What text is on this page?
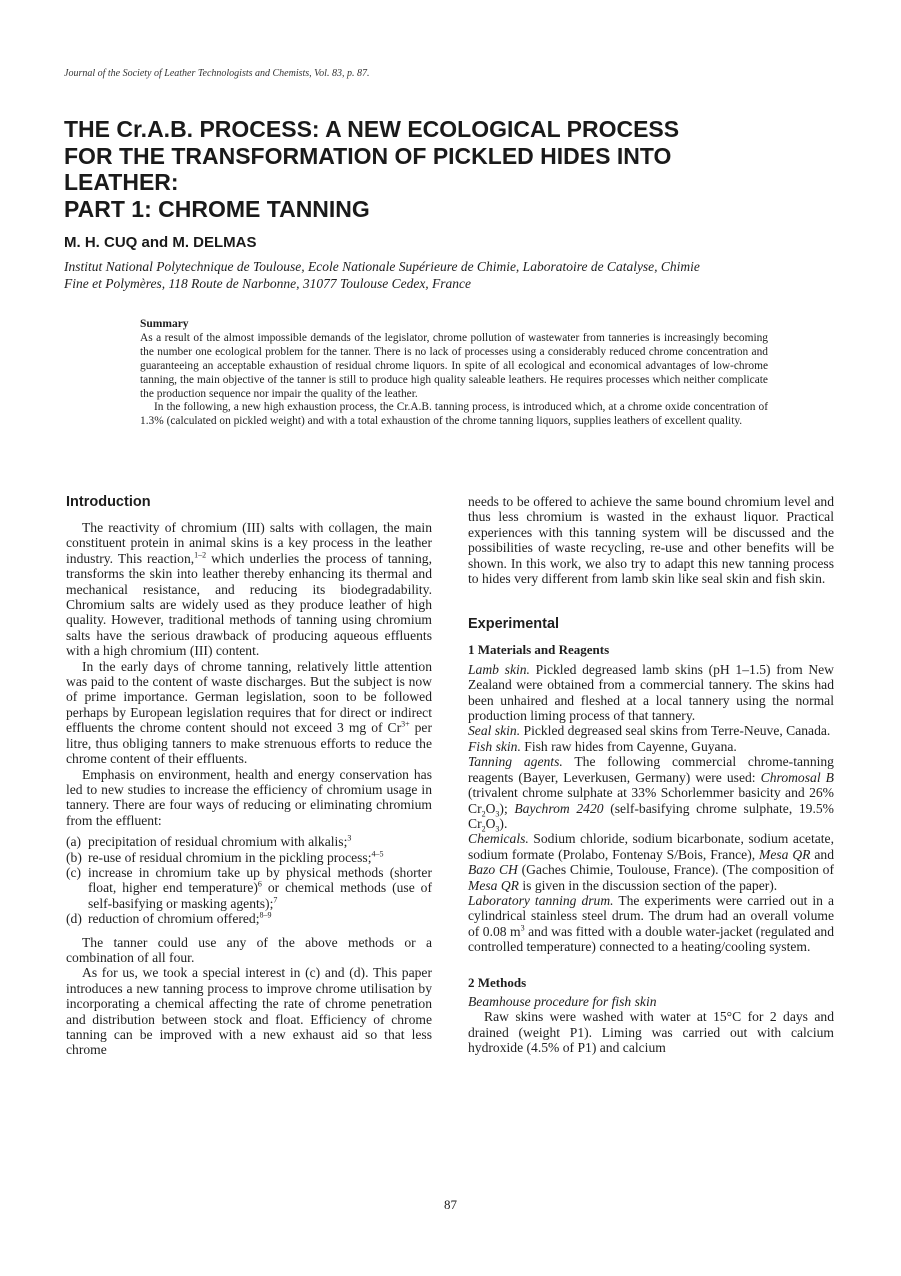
Journal of the Society of Leather Technologists and Chemists, Vol. 83, p. 87.
THE Cr.A.B. PROCESS: A NEW ECOLOGICAL PROCESS
FOR THE TRANSFORMATION OF PICKLED HIDES INTO
LEATHER:
PART 1: CHROME TANNING
M. H. CUQ and M. DELMAS
Institut National Polytechnique de Toulouse, Ecole Nationale Supérieure de Chimie, Laboratoire de Catalyse, Chimie
Fine et Polymères, 118 Route de Narbonne, 31077 Toulouse Cedex, France

Summary

As a result of the almost impossible demands of the legislator, chrome pollution of wastewater from tanneries is increasingly becoming the number one ecological problem for the tanner. There is no lack of processes using a considerably reduced chrome concentration and guaranteeing an acceptable exhaustion of residual chrome liquors. In spite of all ecological and economical advantages of low-chrome tanning, the main objective of the tanner is still to produce high quality saleable leathers. He requires processes which neither complicate the production sequence nor impair the quality of the leather.

In the following, a new high exhaustion process, the Cr.A.B. tanning process, is introduced which, at a chrome oxide concentration of 1.3% (calculated on pickled weight) and with a total exhaustion of the chrome tanning liquors, supplies leathers of excellent quality.

Introduction

The reactivity of chromium (III) salts with collagen, the main constituent protein in animal skins is a key process in the leather industry. This reaction,$^{1-2}$ which underlies the process of tanning, transforms the skin into leather thereby enhancing its thermal and mechanical resistance, and reducing its biodegradability. Chromium salts are widely used as they produce leather of high quality. However, traditional methods of tanning using chromium salts have the serious drawback of producing aqueous effluents with a high chromium (III) content.

In the early days of chrome tanning, relatively little attention was paid to the content of waste discharges. But the subject is now of prime importance. German legislation, soon to be followed perhaps by European legislation requires that for direct or indirect effluents the chrome content should not exceed 3 mg of $Cr^{3+}$ per litre, thus obliging tanners to make strenuous efforts to reduce the chrome content of their effluents.

Emphasis on environment, health and energy conservation has led to new studies to increase the efficiency of chromium usage in tannery. There are four ways of reducing or eliminating chromium from the effluent:

(a) precipitation of residual chromium with alkalis;$^3$
(b) re-use of residual chromium in the pickling process;$^{4-5}$
(c) increase in chromium take up by physical methods (shorter float, higher end temperature)$^6$ or chemical methods (use of self-basifying or masking agents);$^7$
(d) reduction of chromium offered;$^{8-9}$

The tanner could use any of the above methods or a combination of all four.

As for us, we took a special interest in (c) and (d). This paper introduces a new tanning process to improve chrome utilisation by incorporating a chemical affecting the rate of chrome penetration and distribution between stock and float. Efficiency of chrome tanning can be improved with a new exhaust aid so that less chrome

needs to be offered to achieve the same bound chromium level and thus less chromium is wasted in the exhaust liquor. Practical experiences with this tanning system will be discussed and the possibilities of waste recycling, re-use and other benefits will be shown. In this work, we also try to adapt this new tanning process to hides very different from lamb skin like seal skin and fish skin.

Experimental
1 Materials and Reagents

Lamb skin. Pickled degreased lamb skins (pH 1–1.5) from New Zealand were obtained from a commercial tannery. The skins had been unhaired and fleshed at a local tannery using the normal production liming process of that tannery.

Seal skin. Pickled degreased seal skins from Terre-Neuve, Canada.

Fish skin. Fish raw hides from Cayenne, Guyana.

Tanning agents. The following commercial chrome-tanning reagents (Bayer, Leverkusen, Germany) were used: Chromosal B (trivalent chrome sulphate at 33% Schorlemmer basicity and 26% $Cr_2O_3$); Baychrom 2420 (self-basifying chrome sulphate, 19.5% $Cr_2O_3$).

Chemicals. Sodium chloride, sodium bicarbonate, sodium acetate, sodium formate (Prolabo, Fontenay S/Bois, France), Mesa QR and Bazo CH (Gaches Chimie, Toulouse, France). (The composition of Mesa QR is given in the discussion section of the paper).

Laboratory tanning drum. The experiments were carried out in a cylindrical stainless steel drum. The drum had an overall volume of 0.08 $m^3$ and was fitted with a double water-jacket (regulated and controlled temperature) connected to a heating/cooling system.

2 Methods

Beamhouse procedure for fish skin

Raw skins were washed with water at 15°C for 2 days and drained (weight P1). Liming was carried out with calcium hydroxide (4.5% of P1) and calcium

87
